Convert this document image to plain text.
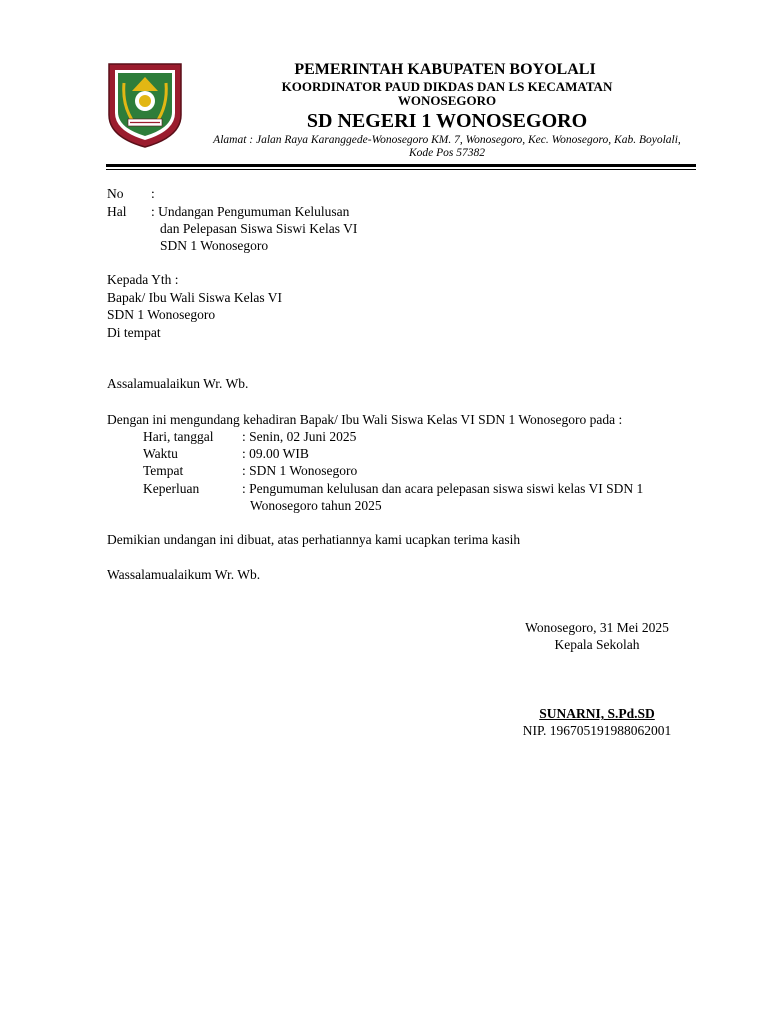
PEMERINTAH KABUPATEN BOYOLALI
KOORDINATOR PAUD DIKDAS DAN LS KECAMATAN
WONOSEGORO
SD NEGERI 1 WONOSEGORO
Alamat : Jalan Raya Karanggede-Wonosegoro KM. 7, Wonosegoro, Kec. Wonosegoro, Kab. Boyolali, Kode Pos 57382
No :
Hal : Undangan Pengumuman Kelulusan
dan Pelepasan Siswa Siswi Kelas VI
SDN 1 Wonosegoro
Kepada Yth :
Bapak/ Ibu Wali Siswa Kelas VI
SDN 1 Wonosegoro
Di tempat
Assalamualaikun Wr. Wb.
Dengan ini mengundang kehadiran Bapak/ Ibu Wali Siswa Kelas VI SDN 1 Wonosegoro pada :
Hari, tanggal : Senin, 02 Juni 2025
Waktu	: 09.00 WIB
Tempat	: SDN 1 Wonosegoro
Keperluan	: Pengumuman kelulusan dan acara pelepasan siswa siswi kelas VI SDN 1
Wonosegoro tahun 2025
Demikian undangan ini dibuat, atas perhatiannya kami ucapkan terima kasih
Wassalamualaikum Wr. Wb.
Wonosegoro, 31 Mei 2025
Kepala Sekolah
SUNARNI, S.Pd.SD
NIP. 196705191988062001
